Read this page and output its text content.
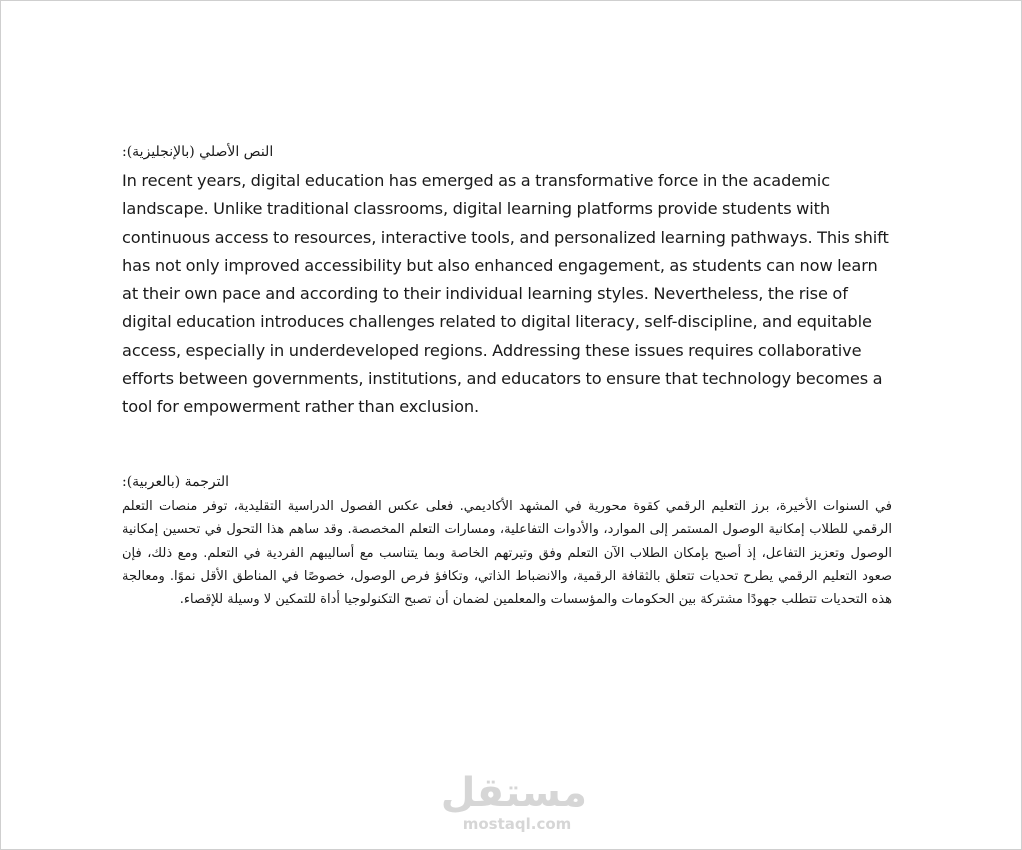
النص الأصلي (بالإنجليزية):

In recent years, digital education has emerged as a transformative force in the academic landscape. Unlike traditional classrooms, digital learning platforms provide students with continuous access to resources, interactive tools, and personalized learning pathways. This shift has not only improved accessibility but also enhanced engagement, as students can now learn at their own pace and according to their individual learning styles. Nevertheless, the rise of digital education introduces challenges related to digital literacy, self-discipline, and equitable access, especially in underdeveloped regions. Addressing these issues requires collaborative efforts between governments, institutions, and educators to ensure that technology becomes a tool for empowerment rather than exclusion.

الترجمة (بالعربية):

في السنوات الأخيرة، برز التعليم الرقمي كقوة محورية في المشهد الأكاديمي. فعلى عكس الفصول الدراسية التقليدية، توفر منصات التعلم الرقمي للطلاب إمكانية الوصول المستمر إلى الموارد، والأدوات التفاعلية، ومسارات التعلم المخصصة. وقد ساهم هذا التحول في تحسين إمكانية الوصول وتعزيز التفاعل، إذ أصبح بإمكان الطلاب الآن التعلم وفق وتيرتهم الخاصة وبما يتناسب مع أساليبهم الفردية في التعلم. ومع ذلك، فإن صعود التعليم الرقمي يطرح تحديات تتعلق بالثقافة الرقمية، والانضباط الذاتي، وتكافؤ فرص الوصول، خصوصًا في المناطق الأقل نموًا. ومعالجة هذه التحديات تتطلب جهودًا مشتركة بين الحكومات والمؤسسات والمعلمين لضمان أن تصبح التكنولوجيا أداة للتمكين لا وسيلة للإقصاء.

مستقل
mostaql.com
